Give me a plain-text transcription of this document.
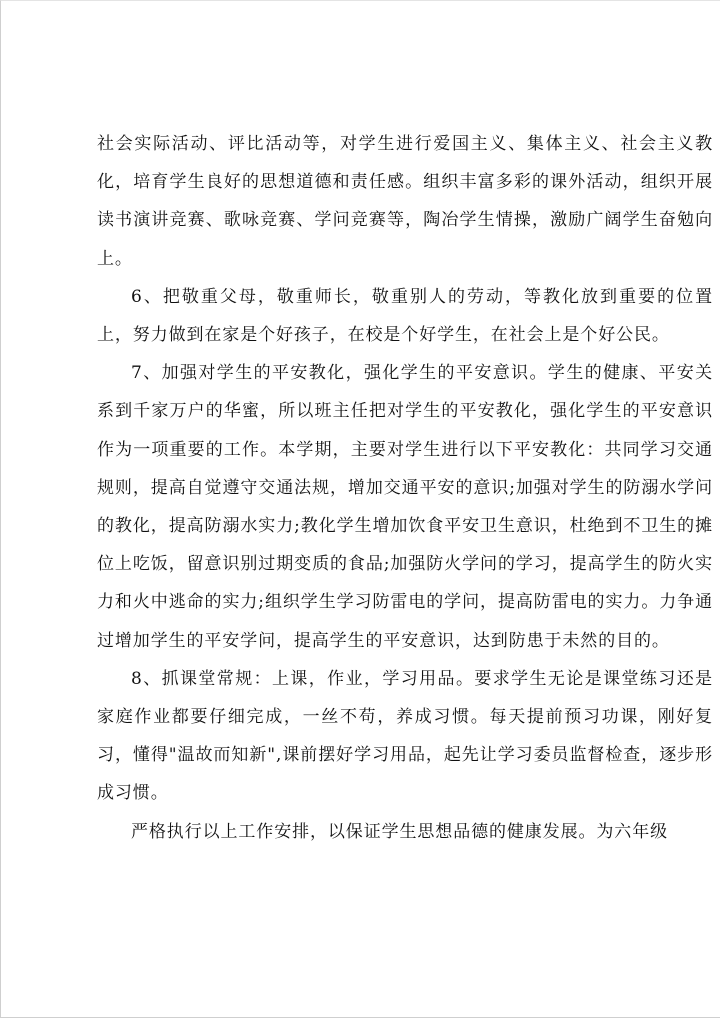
社会实际活动、评比活动等，对学生进行爱国主义、集体主义、社会主义教化，培育学生良好的思想道德和责任感。组织丰富多彩的课外活动，组织开展读书演讲竞赛、歌咏竞赛、学问竞赛等，陶冶学生情操，激励广阔学生奋勉向上。

6、把敬重父母，敬重师长，敬重别人的劳动，等教化放到重要的位置上，努力做到在家是个好孩子，在校是个好学生，在社会上是个好公民。

7、加强对学生的平安教化，强化学生的平安意识。学生的健康、平安关系到千家万户的华蜜，所以班主任把对学生的平安教化，强化学生的平安意识作为一项重要的工作。本学期，主要对学生进行以下平安教化：共同学习交通规则，提高自觉遵守交通法规，增加交通平安的意识;加强对学生的防溺水学问的教化，提高防溺水实力;教化学生增加饮食平安卫生意识，杜绝到不卫生的摊位上吃饭，留意识别过期变质的食品;加强防火学问的学习，提高学生的防火实力和火中逃命的实力;组织学生学习防雷电的学问，提高防雷电的实力。力争通过增加学生的平安学问，提高学生的平安意识，达到防患于未然的目的。

8、抓课堂常规：上课，作业，学习用品。要求学生无论是课堂练习还是家庭作业都要仔细完成，一丝不苟，养成习惯。每天提前预习功课，刚好复习，懂得"温故而知新",课前摆好学习用品，起先让学习委员监督检查，逐步形成习惯。

严格执行以上工作安排，以保证学生思想品德的健康发展。为六年级
